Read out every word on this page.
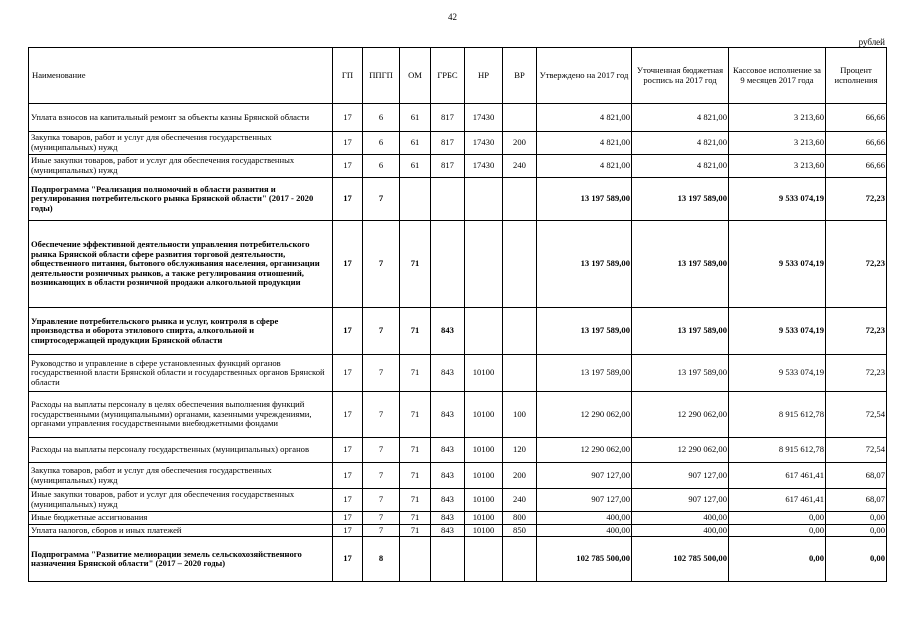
42
рублей
Наименование	ГП	ППГП	ОМ	ГРБС	НР	ВР	Утверждено на 2017 год	Уточненная бюджетная роспись на 2017 год	Кассовое исполнение за 9 месяцев 2017 года	Процент исполнения
Уплата взносов на капитальный ремонт за объекты казны Брянской области	17	6	61	817	17430		4 821,00	4 821,00	3 213,60	66,66
Закупка товаров, работ и услуг для обеспечения государственных (муниципальных) нужд	17	6	61	817	17430	200	4 821,00	4 821,00	3 213,60	66,66
Иные закупки товаров, работ и услуг для обеспечения государственных (муниципальных) нужд	17	6	61	817	17430	240	4 821,00	4 821,00	3 213,60	66,66
Подпрограмма "Реализация полномочий в области развития и регулирования потребительского рынка Брянской области" (2017 - 2020 годы)	17	7					13 197 589,00	13 197 589,00	9 533 074,19	72,23
Обеспечение эффективной деятельности управления потребительского рынка Брянской области сфере развития торговой деятельности, общественного питания, бытового обслуживания населения, организации деятельности розничных рынков, а также регулирования отношений, возникающих в области розничной продажи алкогольной продукции	17	7	71				13 197 589,00	13 197 589,00	9 533 074,19	72,23
Управление потребительского рынка и услуг, контроля в сфере производства и оборота этилового спирта, алкогольной и спиртосодержащей продукции Брянской области	17	7	71	843			13 197 589,00	13 197 589,00	9 533 074,19	72,23
Руководство и управление в сфере установленных функций органов государственной власти Брянской области и государственных органов Брянской области	17	7	71	843	10100		13 197 589,00	13 197 589,00	9 533 074,19	72,23
Расходы на выплаты персоналу в целях обеспечения выполнения функций государственными (муниципальными) органами, казенными учреждениями, органами управления государственными внебюджетными фондами	17	7	71	843	10100	100	12 290 062,00	12 290 062,00	8 915 612,78	72,54
Расходы на выплаты персоналу государственных (муниципальных) органов	17	7	71	843	10100	120	12 290 062,00	12 290 062,00	8 915 612,78	72,54
Закупка товаров, работ и услуг для обеспечения государственных (муниципальных) нужд	17	7	71	843	10100	200	907 127,00	907 127,00	617 461,41	68,07
Иные закупки товаров, работ и услуг для обеспечения государственных (муниципальных) нужд	17	7	71	843	10100	240	907 127,00	907 127,00	617 461,41	68,07
Иные бюджетные ассигнования	17	7	71	843	10100	800	400,00	400,00	0,00	0,00
Уплата налогов, сборов и иных платежей	17	7	71	843	10100	850	400,00	400,00	0,00	0,00
Подпрограмма "Развитие мелиорации земель сельскохозяйственного назначения Брянской области" (2017 – 2020 годы)	17	8					102 785 500,00	102 785 500,00	0,00	0,00
